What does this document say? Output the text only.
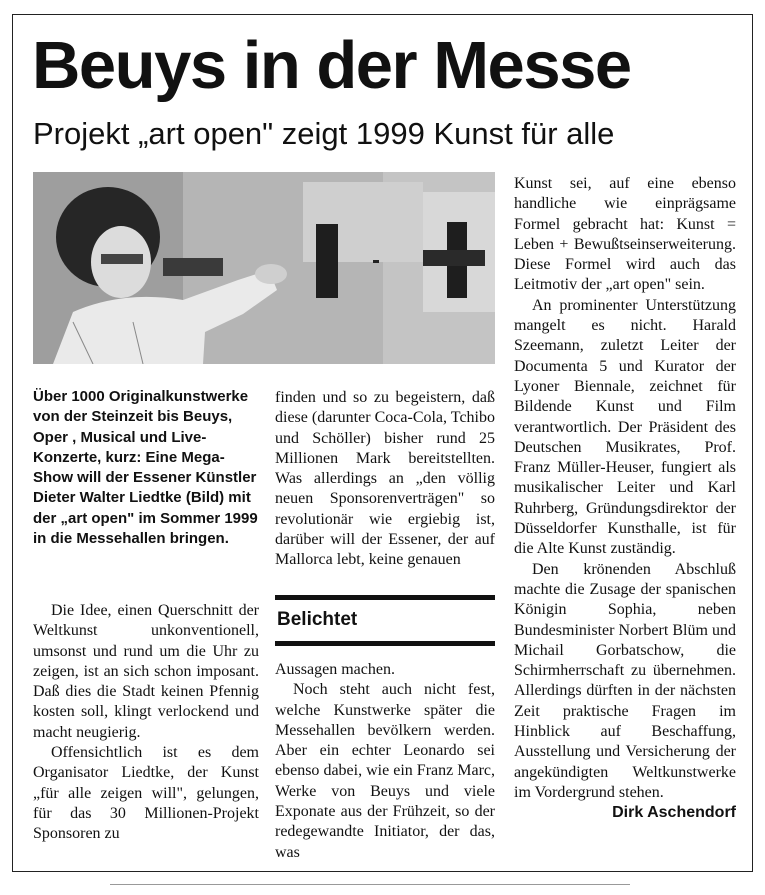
Beuys in der Messe
Projekt „art open" zeigt 1999 Kunst für alle

Über 1000 Originalkunstwerke von der Steinzeit bis Beuys, Oper , Musical und Live-Konzerte, kurz: Eine Mega-Show will der Essener Künstler Dieter Walter Liedtke (Bild) mit der „art open" im Sommer 1999 in die Messehallen bringen.

Die Idee, einen Querschnitt der Weltkunst unkonventionell, umsonst und rund um die Uhr zu zeigen, ist an sich schon imposant. Daß dies die Stadt keinen Pfennig kosten soll, klingt verlockend und macht neugierig.

Offensichtlich ist es dem Organisator Liedtke, der Kunst „für alle zeigen will", gelungen, für das 30 Millionen-Projekt Sponsoren zu

finden und so zu begeistern, daß diese (darunter Coca-Cola, Tchibo und Schöller) bisher rund 25 Millionen Mark bereitstellten. Was allerdings an „den völlig neuen Sponsorenverträgen" so revolutionär wie ergiebig ist, darüber will der Essener, der auf Mallorca lebt, keine genauen

Belichtet

Aussagen machen.

Noch steht auch nicht fest, welche Kunstwerke später die Messehallen bevölkern werden. Aber ein echter Leonardo sei ebenso dabei, wie ein Franz Marc, Werke von Beuys und viele Exponate aus der Frühzeit, so der redegewandte Initiator, der das, was

Kunst sei, auf eine ebenso handliche wie einprägsame Formel gebracht hat: Kunst = Leben + Bewußtseinserweiterung. Diese Formel wird auch das Leitmotiv der „art open" sein.

An prominenter Unterstützung mangelt es nicht. Harald Szeemann, zuletzt Leiter der Documenta 5 und Kurator der Lyoner Biennale, zeichnet für Bildende Kunst und Film verantwortlich. Der Präsident des Deutschen Musikrates, Prof. Franz Müller-Heuser, fungiert als musikalischer Leiter und Karl Ruhrberg, Gründungsdirektor der Düsseldorfer Kunsthalle, ist für die Alte Kunst zuständig.

Den krönenden Abschluß machte die Zusage der spanischen Königin Sophia, neben Bundesminister Norbert Blüm und Michail Gorbatschow, die Schirmherrschaft zu übernehmen. Allerdings dürften in der nächsten Zeit praktische Fragen im Hinblick auf Beschaffung, Ausstellung und Versicherung der angekündigten Weltkunstwerke im Vordergrund stehen.
Dirk Aschendorf
